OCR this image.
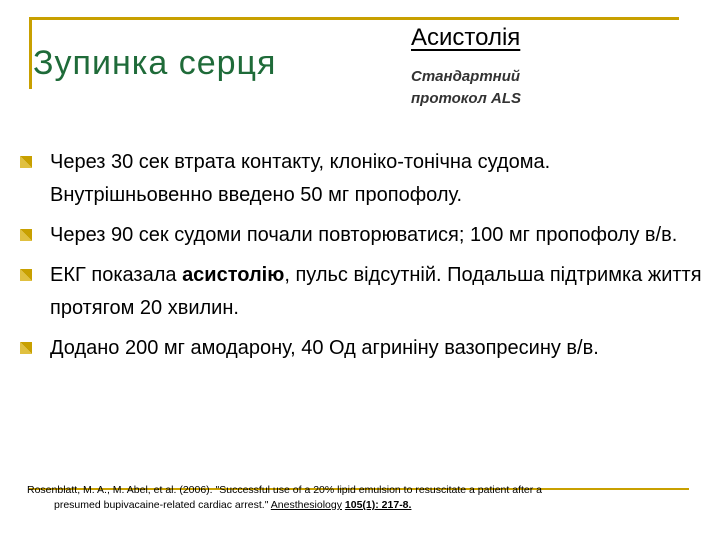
Зупинка серця
Асистолія
Стандартний
протокол ALS
Через 30 сек втрата контакту, клоніко-тонічна судома. Внутрішньовенно введено 50 мг пропофолу.
Через 90 сек судоми почали повторюватися; 100 мг пропофолу в/в.
ЕКГ показала асистолію, пульс відсутній. Подальша підтримка життя протягом 20 хвилин.
Додано 200 мг амодарону, 40 Од агриніну вазопресину в/в.
Rosenblatt, M. A., M. Abel, et al. (2006). "Successful use of a 20% lipid emulsion to resuscitate a patient after a
presumed bupivacaine-related cardiac arrest." Anesthesiology 105(1): 217-8.
